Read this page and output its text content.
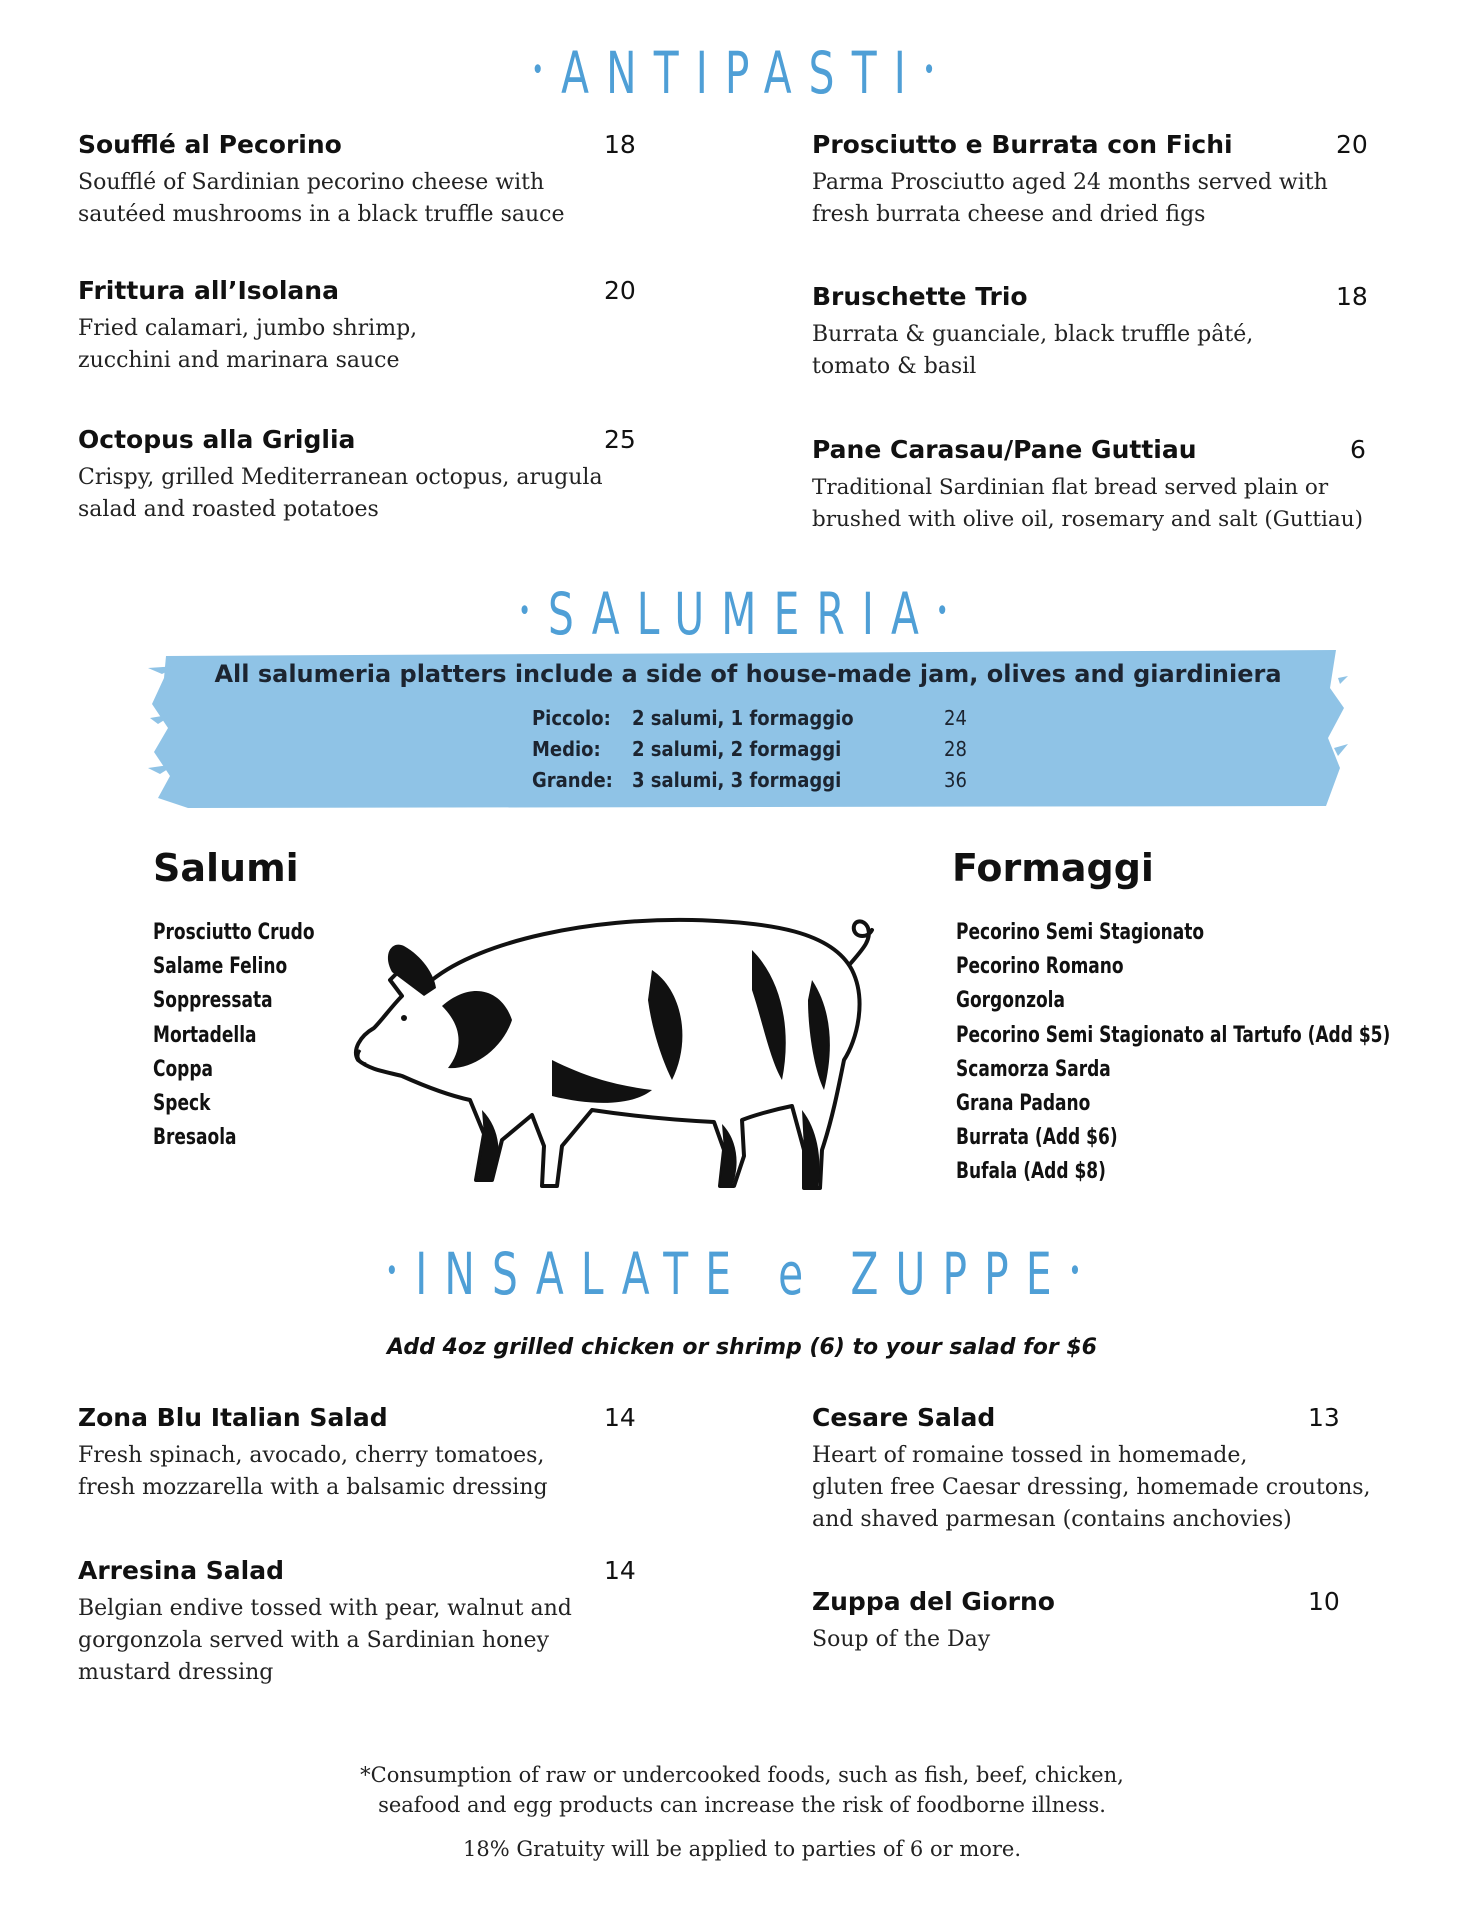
•ANTIPASTI•
Soufflé al Pecorino	18
Soufflé of Sardinian pecorino cheese with
sautéed mushrooms in a black truffle sauce
Frittura all’Isolana	20
Fried calamari, jumbo shrimp,
zucchini and marinara sauce
Octopus alla Griglia	25
Crispy, grilled Mediterranean octopus, arugula
salad and roasted potatoes
Prosciutto e Burrata con Fichi	20
Parma Prosciutto aged 24 months served with
fresh burrata cheese and dried figs
Bruschette Trio	18
Burrata & guanciale, black truffle pâté,
tomato & basil
Pane Carasau/Pane Guttiau	6
Traditional Sardinian flat bread served plain or
brushed with olive oil, rosemary and salt (Guttiau)
•SALUMERIA•
All salumeria platters include a side of house-made jam, olives and giardiniera
Piccolo: 2 salumi, 1 formaggio	24
Medio: 2 salumi, 2 formaggi	28
Grande: 3 salumi, 3 formaggi	36
Salumi
Prosciutto Crudo
Salame Felino
Soppressata
Mortadella
Coppa
Speck
Bresaola
Formaggi
Pecorino Semi Stagionato
Pecorino Romano
Gorgonzola
Pecorino Semi Stagionato al Tartufo (Add $5)
Scamorza Sarda
Grana Padano
Burrata (Add $6)
Bufala (Add $8)
•INSALATE e ZUPPE•
Add 4oz grilled chicken or shrimp (6) to your salad for $6
Zona Blu Italian Salad	14
Fresh spinach, avocado, cherry tomatoes,
fresh mozzarella with a balsamic dressing
Arresina Salad	14
Belgian endive tossed with pear, walnut and
gorgonzola served with a Sardinian honey
mustard dressing
Cesare Salad	13
Heart of romaine tossed in homemade,
gluten free Caesar dressing, homemade croutons,
and shaved parmesan (contains anchovies)
Zuppa del Giorno	10
Soup of the Day
*Consumption of raw or undercooked foods, such as fish, beef, chicken,
seafood and egg products can increase the risk of foodborne illness.
18% Gratuity will be applied to parties of 6 or more.
